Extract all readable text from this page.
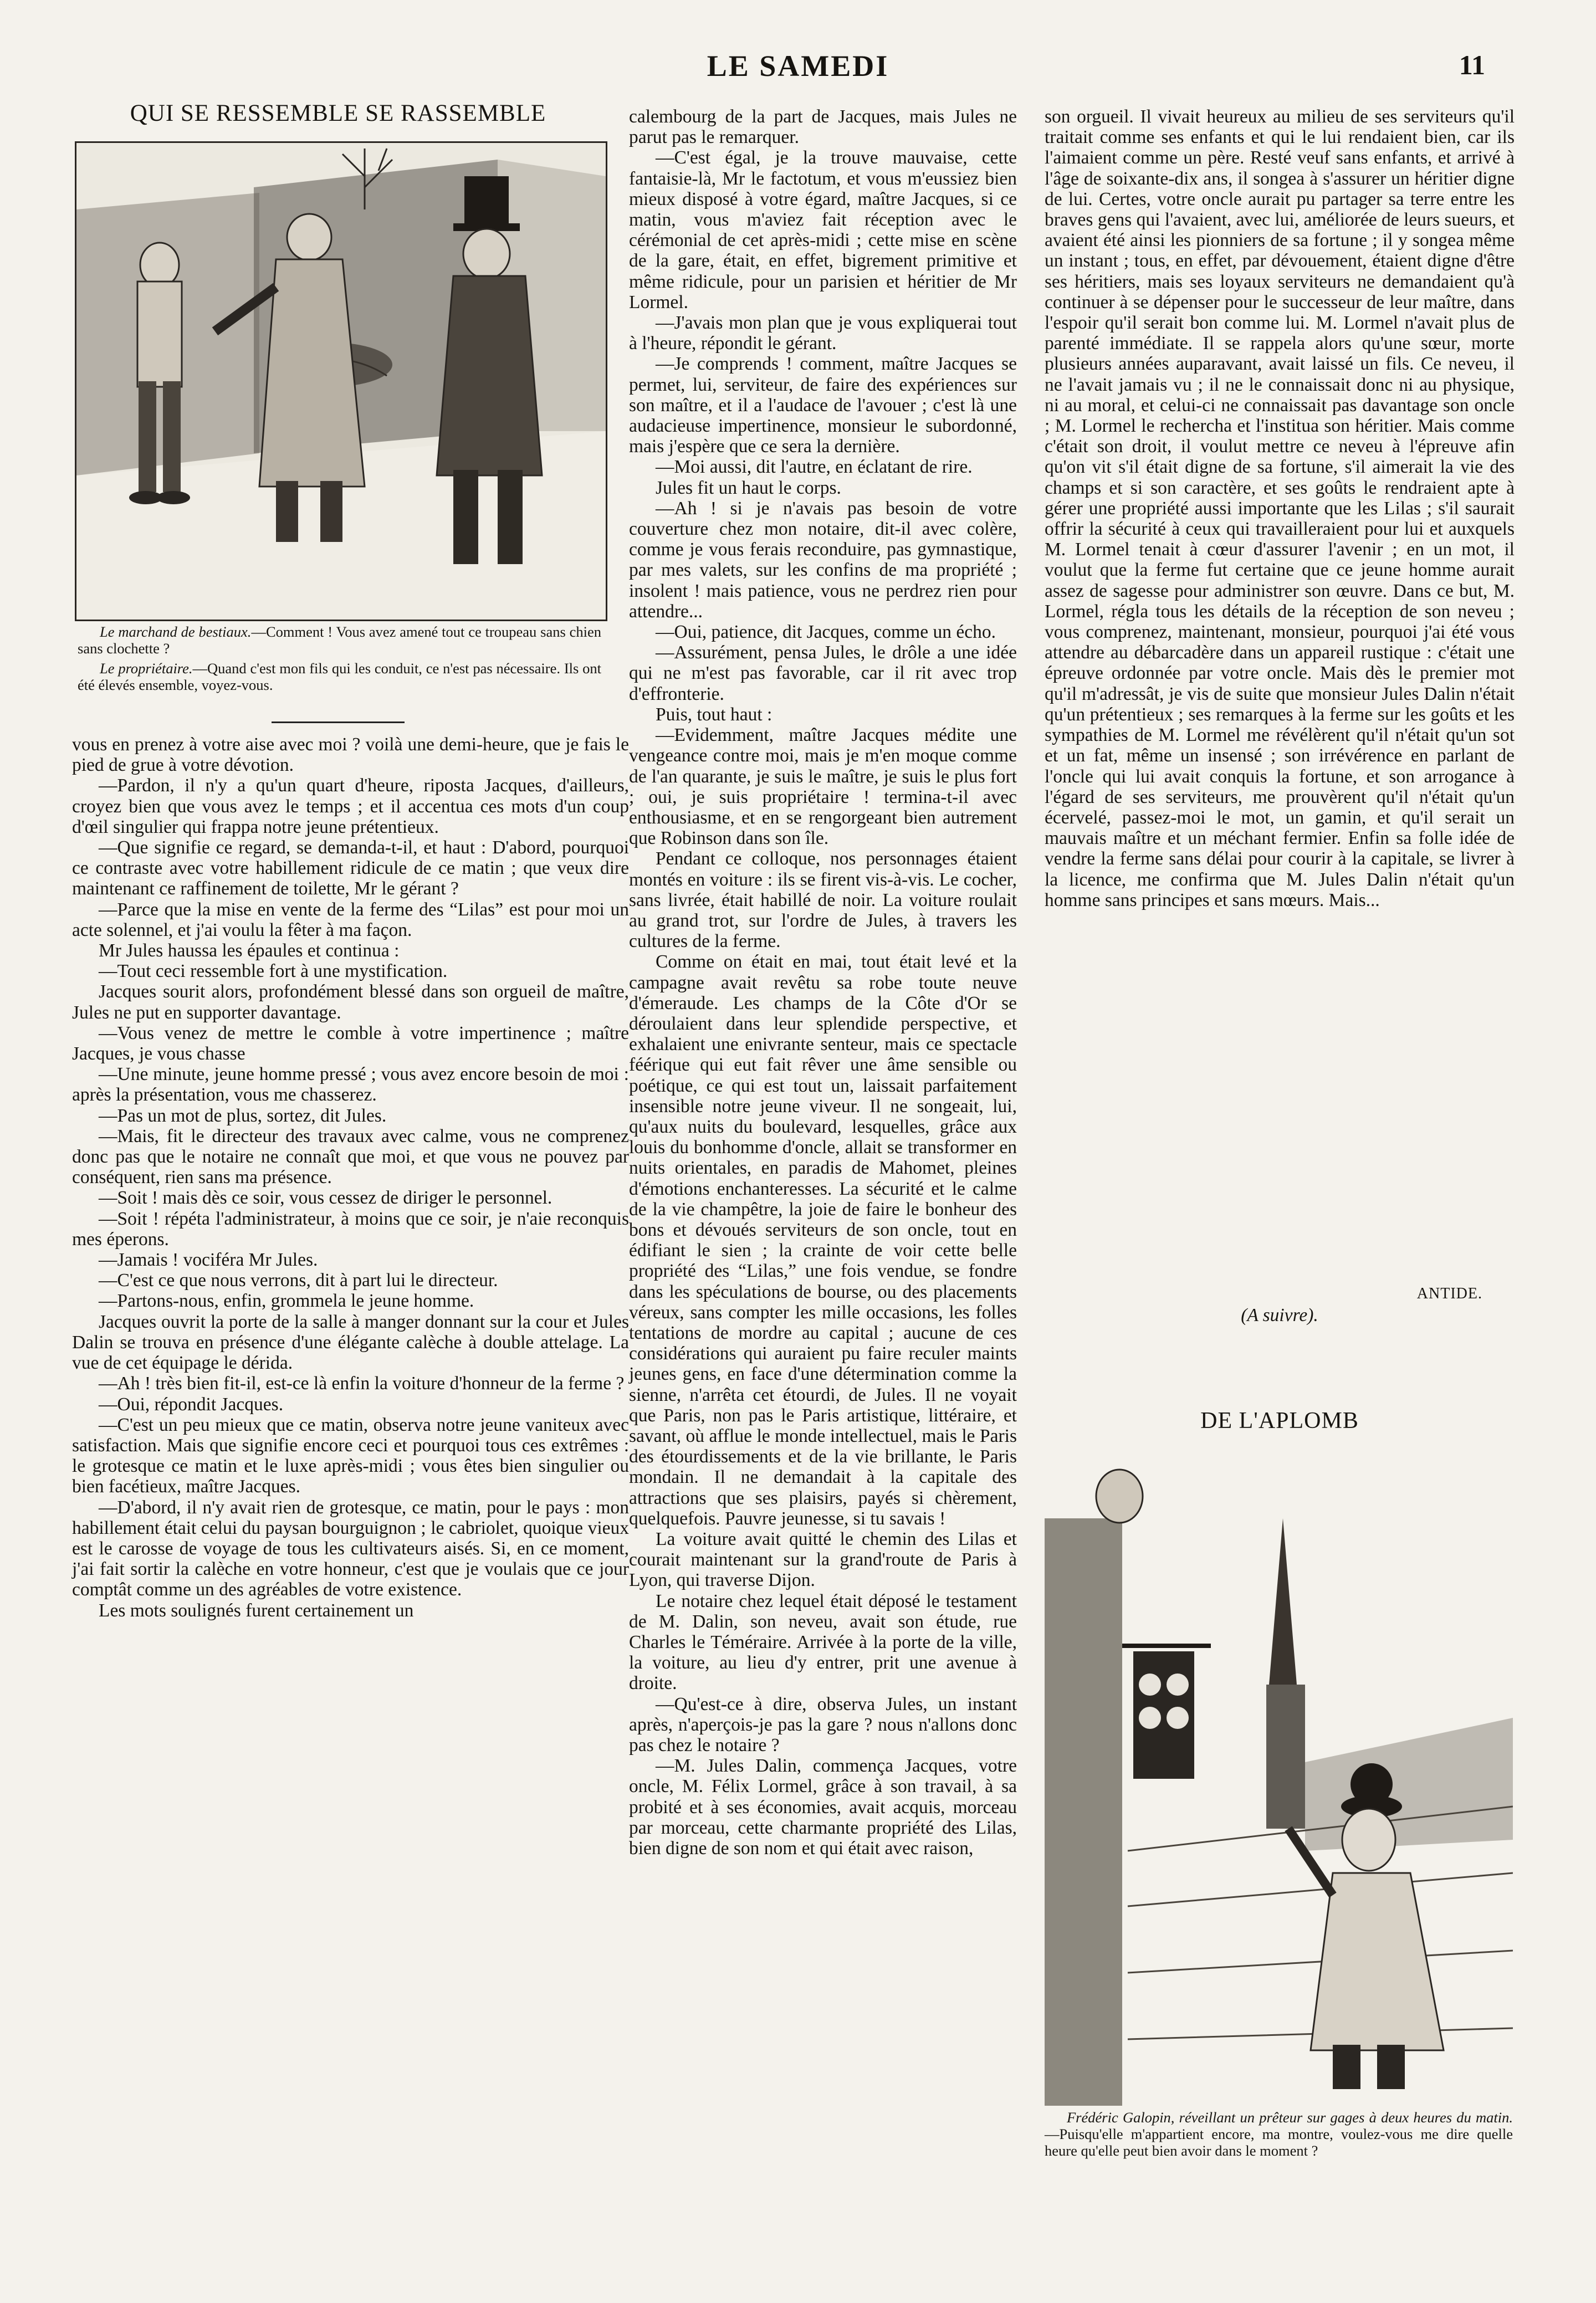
LE SAMEDI	11
QUI SE RESSEMBLE SE RASSEMBLE
Le marchand de bestiaux.—Comment ! Vous avez amené tout ce troupeau sans chien sans clochette ?
Le propriétaire.—Quand c'est mon fils qui les conduit, ce n'est pas nécessaire. Ils ont été élevés ensemble, voyez-vous.

vous en prenez à votre aise avec moi ? voilà une demi-heure, que je fais le pied de grue à votre dévotion.

—Pardon, il n'y a qu'un quart d'heure, riposta Jacques, d'ailleurs, croyez bien que vous avez le temps ; et il accentua ces mots d'un coup d'œil singulier qui frappa notre jeune prétentieux.

—Que signifie ce regard, se demanda-t-il, et haut : D'abord, pourquoi ce contraste avec votre habillement ridicule de ce matin ; que veux dire maintenant ce raffinement de toilette, Mr le gérant ?

—Parce que la mise en vente de la ferme des “Lilas” est pour moi un acte solennel, et j'ai voulu la fêter à ma façon.

Mr Jules haussa les épaules et continua :

—Tout ceci ressemble fort à une mystification.

Jacques sourit alors, profondément blessé dans son orgueil de maître, Jules ne put en supporter davantage.

—Vous venez de mettre le comble à votre impertinence ; maître Jacques, je vous chasse

—Une minute, jeune homme pressé ; vous avez encore besoin de moi : après la présentation, vous me chasserez.

—Pas un mot de plus, sortez, dit Jules.

—Mais, fit le directeur des travaux avec calme, vous ne comprenez donc pas que le notaire ne connaît que moi, et que vous ne pouvez par conséquent, rien sans ma présence.

—Soit ! mais dès ce soir, vous cessez de diriger le personnel.

—Soit ! répéta l'administrateur, à moins que ce soir, je n'aie reconquis mes éperons.

—Jamais ! vociféra Mr Jules.

—C'est ce que nous verrons, dit à part lui le directeur.

—Partons-nous, enfin, grommela le jeune homme.

Jacques ouvrit la porte de la salle à manger donnant sur la cour et Jules Dalin se trouva en présence d'une élégante calèche à double attelage. La vue de cet équipage le dérida.

—Ah ! très bien fit-il, est-ce là enfin la voiture d'honneur de la ferme ?

—Oui, répondit Jacques.

—C'est un peu mieux que ce matin, observa notre jeune vaniteux avec satisfaction. Mais que signifie encore ceci et pourquoi tous ces extrêmes : le grotesque ce matin et le luxe après-midi ; vous êtes bien singulier ou bien facétieux, maître Jacques.

—D'abord, il n'y avait rien de grotesque, ce matin, pour le pays : mon habillement était celui du paysan bourguignon ; le cabriolet, quoique vieux est le carosse de voyage de tous les cultivateurs aisés. Si, en ce moment, j'ai fait sortir la calèche en votre honneur, c'est que je voulais que ce jour comptât comme un des agréables de votre existence.

Les mots soulignés furent certainement un

calembourg de la part de Jacques, mais Jules ne parut pas le remarquer.

—C'est égal, je la trouve mauvaise, cette fantaisie-là, Mr le factotum, et vous m'eussiez bien mieux disposé à votre égard, maître Jacques, si ce matin, vous m'aviez fait réception avec le cérémonial de cet après-midi ; cette mise en scène de la gare, était, en effet, bigrement primitive et même ridicule, pour un parisien et héritier de Mr Lormel.

—J'avais mon plan que je vous expliquerai tout à l'heure, répondit le gérant.

—Je comprends ! comment, maître Jacques se permet, lui, serviteur, de faire des expériences sur son maître, et il a l'audace de l'avouer ; c'est là une audacieuse impertinence, monsieur le subordonné, mais j'espère que ce sera la dernière.

—Moi aussi, dit l'autre, en éclatant de rire.

Jules fit un haut le corps.

—Ah ! si je n'avais pas besoin de votre couverture chez mon notaire, dit-il avec colère, comme je vous ferais reconduire, pas gymnastique, par mes valets, sur les confins de ma propriété ; insolent ! mais patience, vous ne perdrez rien pour attendre...

—Oui, patience, dit Jacques, comme un écho.

—Assurément, pensa Jules, le drôle a une idée qui ne m'est pas favorable, car il rit avec trop d'effronterie.

Puis, tout haut :

—Evidemment, maître Jacques médite une vengeance contre moi, mais je m'en moque comme de l'an quarante, je suis le maître, je suis le plus fort ; oui, je suis propriétaire ! termina-t-il avec enthousiasme, et en se rengorgeant bien autrement que Robinson dans son île.

Pendant ce colloque, nos personnages étaient montés en voiture : ils se firent vis-à-vis. Le cocher, sans livrée, était habillé de noir. La voiture roulait au grand trot, sur l'ordre de Jules, à travers les cultures de la ferme.

Comme on était en mai, tout était levé et la campagne avait revêtu sa robe toute neuve d'émeraude. Les champs de la Côte d'Or se déroulaient dans leur splendide perspective, et exhalaient une enivrante senteur, mais ce spectacle féérique qui eut fait rêver une âme sensible ou poétique, ce qui est tout un, laissait parfaitement insensible notre jeune viveur. Il ne songeait, lui, qu'aux nuits du boulevard, lesquelles, grâce aux louis du bonhomme d'oncle, allait se transformer en nuits orientales, en paradis de Mahomet, pleines d'émotions enchanteresses. La sécurité et le calme de la vie champêtre, la joie de faire le bonheur des bons et dévoués serviteurs de son oncle, tout en édifiant le sien ; la crainte de voir cette belle propriété des “Lilas,” une fois vendue, se fondre dans les spéculations de bourse, ou des placements véreux, sans compter les mille occasions, les folles tentations de mordre au capital ; aucune de ces considérations qui auraient pu faire reculer maints jeunes gens, en face d'une détermination comme la sienne, n'arrêta cet étourdi, de Jules. Il ne voyait que Paris, non pas le Paris artistique, littéraire, et savant, où afflue le monde intellectuel, mais le Paris des étourdissements et de la vie brillante, le Paris mondain. Il ne demandait à la capitale des attractions que ses plaisirs, payés si chèrement, quelquefois. Pauvre jeunesse, si tu savais !

La voiture avait quitté le chemin des Lilas et courait maintenant sur la grand'route de Paris à Lyon, qui traverse Dijon.

Le notaire chez lequel était déposé le testament de M. Dalin, son neveu, avait son étude, rue Charles le Téméraire. Arrivée à la porte de la ville, la voiture, au lieu d'y entrer, prit une avenue à droite.

—Qu'est-ce à dire, observa Jules, un instant après, n'aperçois-je pas la gare ? nous n'allons donc pas chez le notaire ?

—M. Jules Dalin, commença Jacques, votre oncle, M. Félix Lormel, grâce à son travail, à sa probité et à ses économies, avait acquis, morceau par morceau, cette charmante propriété des Lilas, bien digne de son nom et qui était avec raison,

son orgueil. Il vivait heureux au milieu de ses serviteurs qu'il traitait comme ses enfants et qui le lui rendaient bien, car ils l'aimaient comme un père. Resté veuf sans enfants, et arrivé à l'âge de soixante-dix ans, il songea à s'assurer un héritier digne de lui. Certes, votre oncle aurait pu partager sa terre entre les braves gens qui l'avaient, avec lui, améliorée de leurs sueurs, et avaient été ainsi les pionniers de sa fortune ; il y songea même un instant ; tous, en effet, par dévouement, étaient digne d'être ses héritiers, mais ses loyaux serviteurs ne demandaient qu'à continuer à se dépenser pour le successeur de leur maître, dans l'espoir qu'il serait bon comme lui. M. Lormel n'avait plus de parenté immédiate. Il se rappela alors qu'une sœur, morte plusieurs années auparavant, avait laissé un fils. Ce neveu, il ne l'avait jamais vu ; il ne le connaissait donc ni au physique, ni au moral, et celui-ci ne connaissait pas davantage son oncle ; M. Lormel le rechercha et l'institua son héritier. Mais comme c'était son droit, il voulut mettre ce neveu à l'épreuve afin qu'on vit s'il était digne de sa fortune, s'il aimerait la vie des champs et si son caractère, et ses goûts le rendraient apte à gérer une propriété aussi importante que les Lilas ; s'il saurait offrir la sécurité à ceux qui travailleraient pour lui et auxquels M. Lormel tenait à cœur d'assurer l'avenir ; en un mot, il voulut que la ferme fut certaine que ce jeune homme aurait assez de sagesse pour administrer son œuvre. Dans ce but, M. Lormel, régla tous les détails de la réception de son neveu ; vous comprenez, maintenant, monsieur, pourquoi j'ai été vous attendre au débarcadère dans un appareil rustique : c'était une épreuve ordonnée par votre oncle. Mais dès le premier mot qu'il m'adressât, je vis de suite que monsieur Jules Dalin n'était qu'un prétentieux ; ses remarques à la ferme sur les goûts et les sympathies de M. Lormel me révélèrent qu'il n'était qu'un sot et un fat, même un insensé ; son irrévérence en parlant de l'oncle qui lui avait conquis la fortune, et son arrogance à l'égard de ses serviteurs, me prouvèrent qu'il n'était qu'un écervelé, passez-moi le mot, un gamin, et qu'il serait un mauvais maître et un méchant fermier. Enfin sa folle idée de vendre la ferme sans délai pour courir à la capitale, se livrer à la licence, me confirma que M. Jules Dalin n'était qu'un homme sans principes et sans mœurs. Mais...

ANTIDE.
(A suivre).
DE L'APLOMB
Frédéric Galopin, réveillant un prêteur sur gages à deux heures du matin.—Puisqu'elle m'appartient encore, ma montre, voulez-vous me dire quelle heure qu'elle peut bien avoir dans le moment ?
